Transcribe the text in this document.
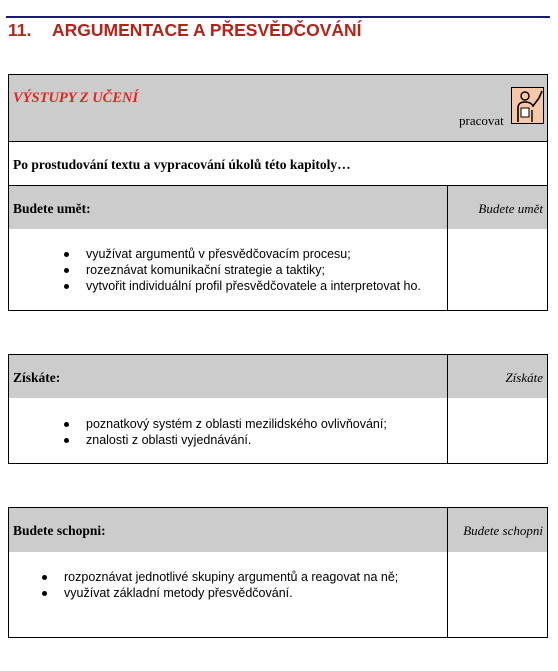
11. ARGUMENTACE A PŘESVĚDČOVÁNÍ
VÝSTUPY Z UČENÍ
pracovat
Po prostudování textu a vypracování úkolů této kapitoly…
Budete umět:	Budete umět
využívat argumentů v přesvědčovacím procesu;
rozeznávat komunikační strategie a taktiky;
vytvořit individuální profil přesvědčovatele a interpretovat ho.
Získáte:	Získáte
poznatkový systém z oblasti mezilidského ovlivňování;
znalosti z oblasti vyjednávání.
Budete schopni:	Budete schopni
rozpoznávat jednotlivé skupiny argumentů a reagovat na ně;
využívat základní metody přesvědčování.
